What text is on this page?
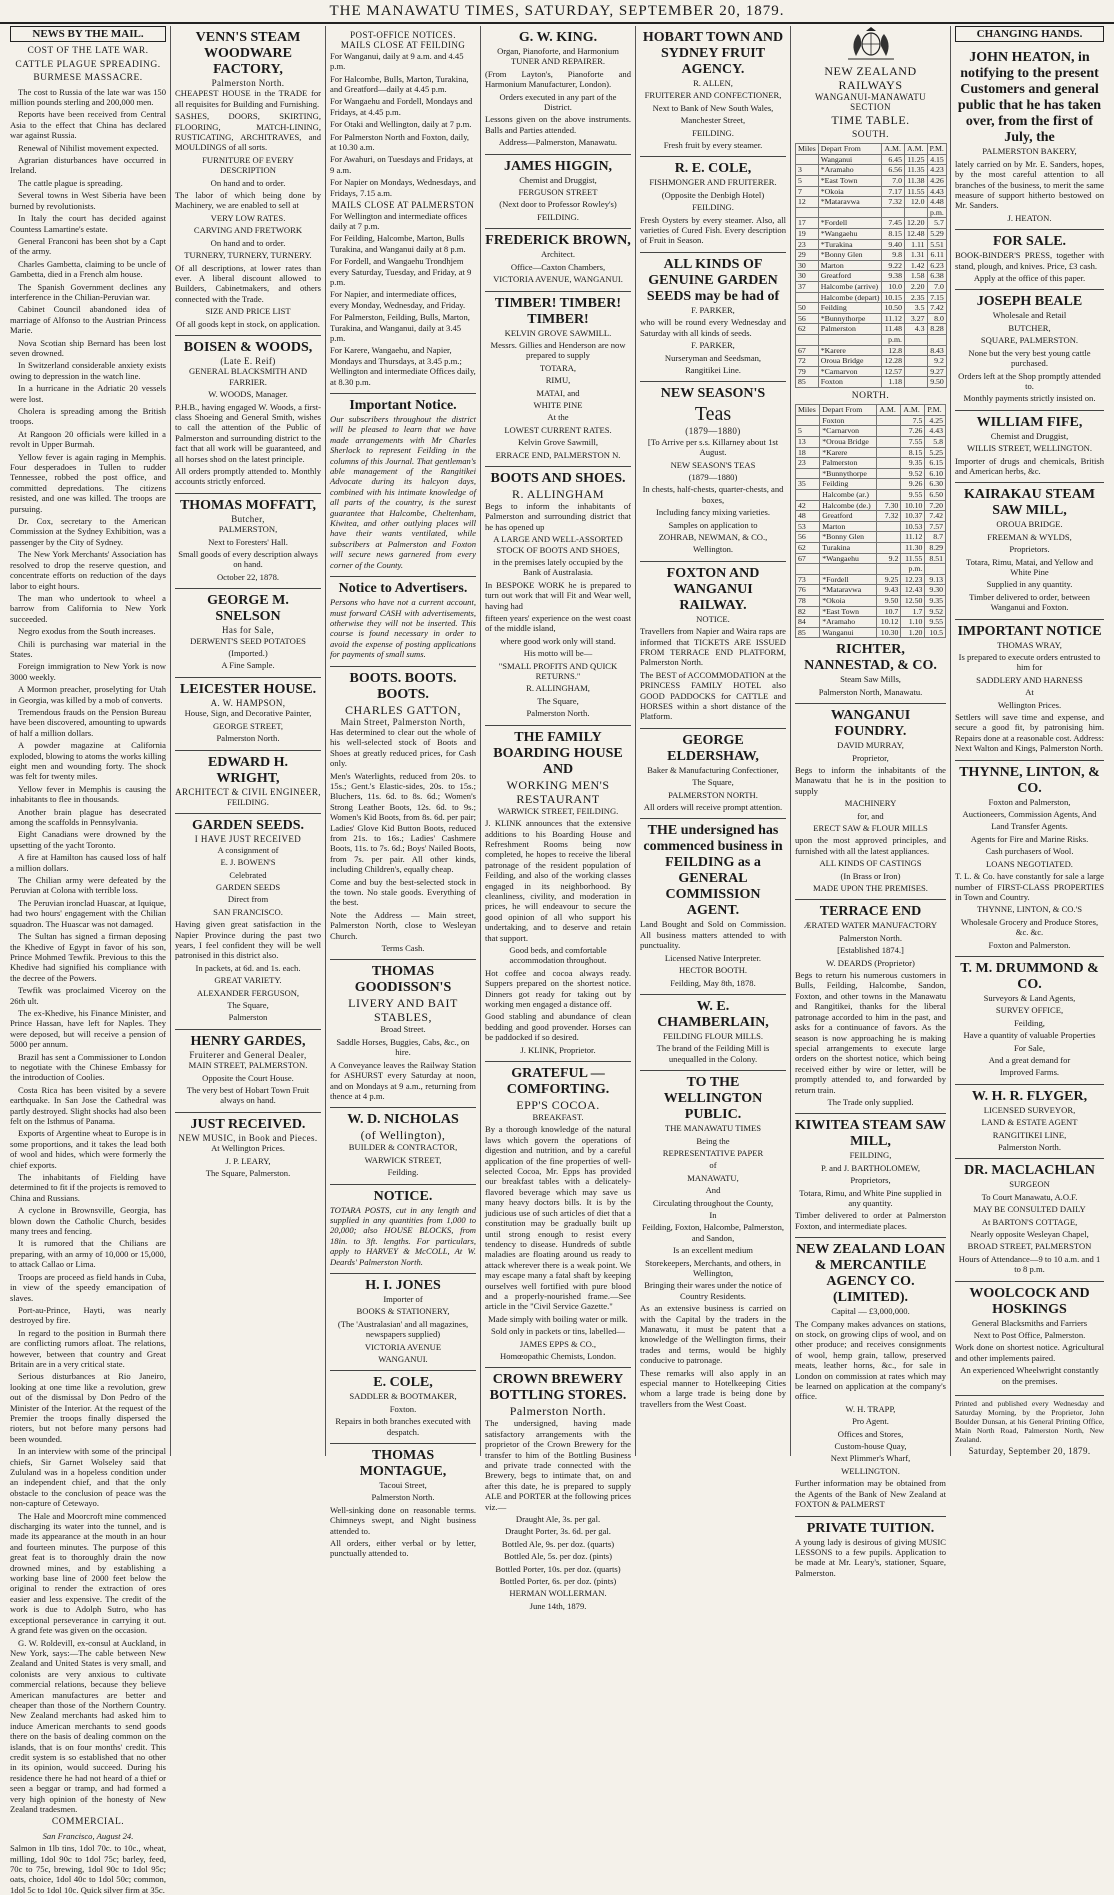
THE MANAWATU TIMES, SATURDAY, SEPTEMBER 20, 1879.
NEWS BY THE MAIL.
COST OF THE LATE WAR.
CATTLE PLAGUE SPREADING.
BURMESE MASSACRE.

The cost to Russia of the late war was 150 million pounds sterling and 200,000 men.

Reports have been received from Central Asia to the effect that China has declared war against Russia.

Renewal of Nihilist movement expected.

Agrarian disturbances have occurred in Ireland.

The cattle plague is spreading.

Several towns in West Siberia have been burned by revolutionists.

In Italy the court has decided against Countess Lamartine's estate.

General Franconi has been shot by a Capt of the army.

Charles Gambetta, claiming to be uncle of Gambetta, died in a French alm house.

The Spanish Government declines any interference in the Chilian-Peruvian war.

Cabinet Council abandoned idea of marriage of Alfonso to the Austrian Princess Marie.

Nova Scotian ship Bernard has been lost seven drowned.

In Switzerland considerable anxiety exists owing to depression in the watch line.

In a hurricane in the Adriatic 20 vessels were lost.

Cholera is spreading among the British troops.

At Rangoon 20 officials were killed in a revolt in Upper Burmah.

Yellow fever is again raging in Memphis. Four desperadoes in Tullen to rudder Tennessee, robbed the post office, and committed depredations. The citizens resisted, and one was killed. The troops are pursuing.

Dr. Cox, secretary to the American Commission at the Sydney Exhibition, was a passenger by the City of Sydney.

The New York Merchants' Association has resolved to drop the reserve question, and concentrate efforts on reduction of the days labor to eight hours.

The man who undertook to wheel a barrow from California to New York succeeded.

Negro exodus from the South increases.

Chili is purchasing war material in the States.

Foreign immigration to New York is now 3000 weekly.

A Mormon preacher, proselyting for Utah in Georgia, was killed by a mob of converts.

Tremendous frauds on the Pension Bureau have been discovered, amounting to upwards of half a million dollars.

A powder magazine at California exploded, blowing to atoms the works killing eight men and wounding forty. The shock was felt for twenty miles.

Yellow fever in Memphis is causing the inhabitants to flee in thousands.

Another brain plague has desecrated among the scaffolds in Pennsylvania.

Eight Canadians were drowned by the upsetting of the yacht Toronto.

A fire at Hamilton has caused loss of half a million dollars.

The Chilian army were defeated by the Peruvian at Colona with terrible loss.

The Peruvian ironclad Huascar, at Iquique, had two hours' engagement with the Chilian squadron. The Huascar was not damaged.

The Sultan has signed a firman deposing the Khedive of Egypt in favor of his son, Prince Mohmed Tewfik. Previous to this the Khedive had signified his compliance with the decree of the Powers.

Tewfik was proclaimed Viceroy on the 26th ult.

The ex-Khedive, his Finance Minister, and Prince Hassan, have left for Naples. They were deposed, but will receive a pension of 5000 per annum.

Brazil has sent a Commissioner to London to negotiate with the Chinese Embassy for the introduction of Coolies.

Costa Rica has been visited by a severe earthquake. In San Jose the Cathedral was partly destroyed. Slight shocks had also been felt on the Isthmus of Panama.

Exports of Argentine wheat to Europe is in some proportions, and it takes the lead both of wool and hides, which were formerly the chief exports.

The inhabitants of Fielding have determined to fit if the projects is removed to China and Russians.

A cyclone in Brownsville, Georgia, has blown down the Catholic Church, besides many trees and fencing.

It is rumored that the Chilians are preparing, with an army of 10,000 or 15,000, to attack Callao or Lima.

Troops are proceed as field hands in Cuba, in view of the speedy emancipation of slaves.

Port-au-Prince, Hayti, was nearly destroyed by fire.

In regard to the position in Burmah there are conflicting rumors afloat. The relations, however, between that country and Great Britain are in a very critical state.

Serious disturbances at Rio Janeiro, looking at one time like a revolution, grew out of the dismissal by Don Pedro of the Minister of the Interior. At the request of the Premier the troops finally dispersed the rioters, but not before many persons had been wounded.

In an interview with some of the principal chiefs, Sir Garnet Wolseley said that Zululand was in a hopeless condition under an independent chief, and that the only obstacle to the conclusion of peace was the non-capture of Cetewayo.

The Hale and Moorcroft mine commenced discharging its water into the tunnel, and is made its appearance at the mouth in an hour and fourteen minutes. The purpose of this great feat is to thoroughly drain the now drowned mines, and by establishing a working base line of 2000 feet below the original to render the extraction of ores easier and less expensive. The credit of the work is due to Adolph Sutro, who has exceptional perseverance in carrying it out. A grand fete was given on the occasion.

G. W. Roldevill, ex-consul at Auckland, in New York, says:—The cable between New Zealand and United States is very small, and colonists are very anxious to cultivate commercial relations, because they believe American manufactures are better and cheaper than those of the Northern Country. New Zealand merchants had asked him to induce American merchants to send goods there on the basis of dealing common on the islands, that is on four months' credit. This credit system is so established that no other in its opinion, would succeed. During his residence there he had not heard of a thief or seen a beggar or tramp, and had formed a very high opinion of the honesty of New Zealand tradesmen.

COMMERCIAL.

San Francisco, August 24.

Salmon in 1lb tins, 1dol 70c. to 10c., wheat, milling, 1dol 90c to 1dol 75c; barley, feed, 70c to 75c, brewing, 1dol 90c to 1dol 95c; oats, choice, 1dol 40c to 1dol 50c; common, 1dol 5c to 1dol 10c. Quick silver firm at 35c.

VENN'S STEAM WOODWARE FACTORY,
Palmerston North.

CHEAPEST HOUSE in the TRADE for all requisites for Building and Furnishing.

SASHES, DOORS, SKIRTING, FLOORING, MATCH-LINING, RUSTICATING, ARCHITRAVES, and MOULDINGS of all sorts.

FURNITURE OF EVERY DESCRIPTION

On hand and to order.

The labor of which being done by Machinery, we are enabled to sell at

VERY LOW RATES.

CARVING AND FRETWORK

On hand and to order.

TURNERY, TURNERY, TURNERY.

Of all descriptions, at lower rates than ever. A liberal discount allowed to Builders, Cabinetmakers, and others connected with the Trade.

SIZE AND PRICE LIST

Of all goods kept in stock, on application.

BOISEN & WOODS,
(Late E. Reif)

GENERAL BLACKSMITH AND FARRIER.

W. WOODS, Manager.

P.H.B., having engaged W. Woods, a first-class Shoeing and General Smith, wishes to call the attention of the Public of Palmerston and surrounding district to the fact that all work will be guaranteed, and all horses shod on the latest principle.

All orders promptly attended to. Monthly accounts strictly enforced.

THOMAS MOFFATT,
Butcher,

PALMERSTON,

Next to Foresters' Hall.

Small goods of every description always on hand.

October 22, 1878.

GEORGE M. SNELSON
Has for Sale,

DERWENT'S SEED POTATOES

(Imported.)

A Fine Sample.

LEICESTER HOUSE.
A. W. HAMPSON,

House, Sign, and Decorative Painter,

GEORGE STREET,

Palmerston North.

EDWARD H. WRIGHT,
ARCHITECT & CIVIL ENGINEER,

FEILDING.

GARDEN SEEDS.
I HAVE JUST RECEIVED

A consignment of

E. J. BOWEN'S

Celebrated

GARDEN SEEDS

Direct from

SAN FRANCISCO.

Having given great satisfaction in the Napier Province during the past two years, I feel confident they will be well patronised in this district also.

In packets, at 6d. and 1s. each.

GREAT VARIETY.

ALEXANDER FERGUSON,

The Square,

Palmerston

HENRY GARDES,
Fruiterer and General Dealer,

MAIN STREET, PALMERSTON.

Opposite the Court House.

The very best of Hobart Town Fruit always on hand.

JUST RECEIVED.
NEW MUSIC, in Book and Pieces.

At Wellington Prices.

J. P. LEARY,

The Square, Palmerston.

POST-OFFICE NOTICES.
MAILS CLOSE AT FEILDING

For Wanganui, daily at 9 a.m. and 4.45 p.m.

For Halcombe, Bulls, Marton, Turakina, and Greatford—daily at 4.45 p.m.

For Wangaehu and Fordell, Mondays and Fridays, at 4.45 p.m.

For Otaki and Wellington, daily at 7 p.m.

For Palmerston North and Foxton, daily, at 10.30 a.m.

For Awahuri, on Tuesdays and Fridays, at 9 a.m.

For Napier on Mondays, Wednesdays, and Fridays, 7.15 a.m.

MAILS CLOSE AT PALMERSTON

For Wellington and intermediate offices daily at 7 p.m.

For Feilding, Halcombe, Marton, Bulls Turakina, and Wanganui daily at 8 p.m.

For Fordell, and Wangaehu Trondhjem every Saturday, Tuesday, and Friday, at 9 p.m.

For Napier, and intermediate offices, every Monday, Wednesday, and Friday.

For Palmerston, Feilding, Bulls, Marton, Turakina, and Wanganui, daily at 3.45 p.m.

For Karere, Wangaehu, and Napier, Mondays and Thursdays, at 3.45 p.m.; Wellington and intermediate Offices daily, at 8.30 p.m.

Important Notice.

Our subscribers throughout the district will be pleased to learn that we have made arrangements with Mr Charles Sherlock to represent Feilding in the columns of this Journal. That gentleman's able management of the Rangitikei Advocate during its halcyon days, combined with his intimate knowledge of all parts of the country, is the surest guarantee that Halcombe, Cheltenham, Kiwitea, and other outlying places will have their wants ventilated, while subscribers at Palmerston and Foxton will secure news garnered from every corner of the County.

Notice to Advertisers.

Persons who have not a current account, must forward CASH with advertisements, otherwise they will not be inserted. This course is found necessary in order to avoid the expense of posting applications for payments of small sums.

BOOTS. BOOTS. BOOTS.
CHARLES GATTON,
Main Street, Palmerston North,

Has determined to clear out the whole of his well-selected stock of Boots and Shoes at greatly reduced prices, for Cash only.

Men's Waterlights, reduced from 20s. to 15s.; Gent.'s Elastic-sides, 20s. to 15s.; Bluchers, 11s. 6d. to 8s. 6d.; Women's Strong Leather Boots, 12s. 6d. to 9s.; Women's Kid Boots, from 8s. 6d. per pair; Ladies' Glove Kid Button Boots, reduced from 21s. to 16s.; Ladies' Cashmere Boots, 11s. to 7s. 6d.; Boys' Nailed Boots, from 7s. per pair. All other kinds, including Children's, equally cheap.

Come and buy the best-selected stock in the town. No stale goods. Everything of the best.

Note the Address — Main street, Palmerston North, close to Wesleyan Church.

Terms Cash.

THOMAS GOODISSON'S
LIVERY AND BAIT STABLES,

Broad Street.

Saddle Horses, Buggies, Cabs, &c., on hire.

A Conveyance leaves the Railway Station for ASHURST every Saturday at noon, and on Mondays at 9 a.m., returning from thence at 4 p.m.

W. D. NICHOLAS
(of Wellington),

BUILDER & CONTRACTOR,

WARWICK STREET,

Feilding.

NOTICE.

TOTARA POSTS, cut in any length and supplied in any quantities from 1,000 to 20,000; also HOUSE BLOCKS, from 18in. to 3ft. lengths. For particulars, apply to HARVEY & McCOLL, At W. Deards' Palmerston North.

H. I. JONES

Importer of

BOOKS & STATIONERY,

(The 'Australasian' and all magazines, newspapers supplied)

VICTORIA AVENUE

WANGANUI.

E. COLE,

SADDLER & BOOTMAKER,

Foxton.

Repairs in both branches executed with despatch.

THOMAS MONTAGUE,

Tacoui Street,

Palmerston North.

Well-sinking done on reasonable terms. Chimneys swept, and Night business attended to.

All orders, either verbal or by letter, punctually attended to.

G. W. KING.

Organ, Pianoforte, and Harmonium TUNER AND REPAIRER.

(From Layton's, Pianoforte and Harmonium Manufacturer, London).

Orders executed in any part of the District.

Lessons given on the above instruments. Balls and Parties attended.

Address—Palmerston, Manawatu.

JAMES HIGGIN,

Chemist and Druggist,

FERGUSON STREET

(Next door to Professor Rowley's)

FEILDING.

FREDERICK BROWN,

Architect.

Office—Caxton Chambers,

VICTORIA AVENUE, WANGANUI.

TIMBER! TIMBER! TIMBER!

KELVIN GROVE SAWMILL.

Messrs. Gillies and Henderson are now prepared to supply

TOTARA,

RIMU,

MATAI, and

WHITE PINE

At the

LOWEST CURRENT RATES.

Kelvin Grove Sawmill,

ERRACE END, PALMERSTON N.

BOOTS AND SHOES.
R. ALLINGHAM

Begs to inform the inhabitants of Palmerston and surrounding district that he has opened up

A LARGE AND WELL-ASSORTED STOCK OF BOOTS AND SHOES,

in the premises lately occupied by the Bank of Australasia.

In BESPOKE WORK he is prepared to turn out work that will Fit and Wear well, having had

fifteen years' experience on the west coast of the middle island,

where good work only will stand.

His motto will be—

"SMALL PROFITS AND QUICK RETURNS."

R. ALLINGHAM,

The Square,

Palmerston North.

THE FAMILY BOARDING HOUSE AND
WORKING MEN'S RESTAURANT

WARWICK STREET, FEILDING.

J. KLINK announces that the extensive additions to his Boarding House and Refreshment Rooms being now completed, he hopes to receive the liberal patronage of the resident population of Feilding, and also of the working classes engaged in its neighborhood. By cleanliness, civility, and moderation in prices, he will endeavour to secure the good opinion of all who support his undertaking, and to deserve and retain that support.

Good beds, and comfortable accommodation throughout.

Hot coffee and cocoa always ready. Suppers prepared on the shortest notice. Dinners got ready for taking out by working men engaged a distance off.

Good stabling and abundance of clean bedding and good provender. Horses can be paddocked if so desired.

J. KLINK, Proprietor.

GRATEFUL — COMFORTING.
EPP'S COCOA.

BREAKFAST.

By a thorough knowledge of the natural laws which govern the operations of digestion and nutrition, and by a careful application of the fine properties of well-selected Cocoa, Mr. Epps has provided our breakfast tables with a delicately-flavored beverage which may save us many heavy doctors bills. It is by the judicious use of such articles of diet that a constitution may be gradually built up until strong enough to resist every tendency to disease. Hundreds of subtle maladies are floating around us ready to attack wherever there is a weak point. We may escape many a fatal shaft by keeping ourselves well fortified with pure blood and a properly-nourished frame.—See article in the "Civil Service Gazette."

Made simply with boiling water or milk.

Sold only in packets or tins, labelled—

JAMES EPPS & CO.,

Homœopathic Chemists, London.

CROWN BREWERY BOTTLING STORES.
Palmerston North.

The undersigned, having made satisfactory arrangements with the proprietor of the Crown Brewery for the transfer to him of the Bottling Business and private trade connected with the Brewery, begs to intimate that, on and after this date, he is prepared to supply ALE and PORTER at the following prices viz.—

Draught Ale, 3s. per gal.

Draught Porter, 3s. 6d. per gal.

Bottled Ale, 9s. per doz. (quarts)

Bottled Ale, 5s. per doz. (pints)

Bottled Porter, 10s. per doz. (quarts)

Bottled Porter, 6s. per doz. (pints)

HERMAN WOLLERMAN.

June 14th, 1879.

HOBART TOWN AND SYDNEY FRUIT AGENCY.

R. ALLEN,

FRUITERER AND CONFECTIONER,

Next to Bank of New South Wales,

Manchester Street,

FEILDING.

Fresh fruit by every steamer.

R. E. COLE,

FISHMONGER AND FRUITERER.

(Opposite the Denbigh Hotel)

FEILDING.

Fresh Oysters by every steamer. Also, all varieties of Cured Fish. Every description of Fruit in Season.

ALL KINDS OF GENUINE GARDEN SEEDS may be had of

F. PARKER,

who will be round every Wednesday and Saturday with all kinds of seeds.

F. PARKER,

Nurseryman and Seedsman,

Rangitikei Line.

NEW SEASON'S
Teas
(1879—1880)

[To Arrive per s.s. Killarney about 1st August.

NEW SEASON'S TEAS

(1879—1880)

In chests, half-chests, quarter-chests, and boxes,

Including fancy mixing varieties.

Samples on application to

ZOHRAB, NEWMAN, & CO.,

Wellington.

FOXTON AND WANGANUI RAILWAY.

NOTICE.

Travellers from Napier and Waira raps are informed that TICKETS ARE ISSUED FROM TERRACE END PLATFORM, Palmerston North.

The BEST of ACCOMMODATION at the PRINCESS FAMILY HOTEL also GOOD PADDOCKS for CATTLE and HORSES within a short distance of the Platform.

GEORGE ELDERSHAW,

Baker & Manufacturing Confectioner,

The Square,

PALMERSTON NORTH.

All orders will receive prompt attention.

THE undersigned has commenced business in FEILDING as a GENERAL COMMISSION AGENT.

Land Bought and Sold on Commission. All business matters attended to with punctuality.

Licensed Native Interpreter.

HECTOR BOOTH.

Feilding, May 8th, 1878.

W. E. CHAMBERLAIN,

FEILDING FLOUR MILLS.

The brand of the Feilding Mill is unequalled in the Colony.

TO THE WELLINGTON PUBLIC.

THE MANAWATU TIMES

Being the

REPRESENTATIVE PAPER

of

MANAWATU,

And

Circulating throughout the County,

In

Feilding, Foxton, Halcombe, Palmerston, and Sandon,

Is an excellent medium

Storekeepers, Merchants, and others, in Wellington,

Bringing their wares under the notice of Country Residents.

As an extensive business is carried on with the Capital by the traders in the Manawatu, it must be patent that a knowledge of the Wellington firms, their trades and terms, would be highly conducive to patronage.

These remarks will also apply in an especial manner to Hotelkeeping Cities whom a large trade is being done by travellers from the West Coast.

NEW ZEALAND RAILWAYS
WANGANUI-MANAWATU SECTION
TIME TABLE.
SOUTH.
Miles	Depart From	A.M.	A.M.	P.M.
	Wanganui	6.45	11.25	4.15
3	*Aramaho	6.56	11.35	4.23
5	*East Town	7.0	11.38	4.26
7	*Okoia	7.17	11.55	4.43
12	*Mataravwa	7.32	12.0	4.48
				p.m.
17	*Fordell	7.45	12.20	5.7
19	*Wangaehu	8.15	12.48	5.29
23	*Turakina	9.40	1.11	5.51
29	*Bonny Glen	9.8	1.31	6.11
30	Marton	9.22	1.42	6.23
30	Greatford	9.38	1.58	6.38
37	Halcombe (arrive)	10.0	2.20	7.0
	Halcombe (depart)	10.15	2.35	7.15
50	Feilding	10.50	3.5	7.42
56	*Bunnythorpe	11.12	3.27	8.0
62	Palmerston	11.48	4.3	8.28
		p.m.		
67	*Karere	12.8		8.43
72	Oroua Bridge	12.28		9.2
79	*Carnarvon	12.57		9.27
85	Foxton	1.18		9.50
NORTH.
Miles	Depart From	A.M.	A.M.	P.M.
	Foxton		7.5	4.25
5	*Carnarvon		7.26	4.43
13	*Oroua Bridge		7.55	5.8
18	*Karere		8.15	5.25
23	Palmerston		9.35	6.15
	*Bunnythorpe		9.52	6.10
35	Feilding		9.26	6.30
	Halcombe (ar.)		9.55	6.50
42	Halcombe (de.)	7.30	10.10	7.20
48	Greatford	7.32	10.37	7.42
53	Marton		10.53	7.57
56	*Bonny Glen		11.12	8.7
62	Turakina		11.30	8.29
67	*Wangaehu	9.2	11.55	8.51
			p.m.	
73	*Fordell	9.25	12.23	9.13
76	*Mataravwa	9.43	12.43	9.30
78	*Okoia	9.50	12.50	9.35
82	*East Town	10.7	1.7	9.52
84	*Aramaho	10.12	1.10	9.55
85	Wanganui	10.30	1.20	10.5
RICHTER, NANNESTAD, & CO.

Steam Saw Mills,

Palmerston North, Manawatu.

WANGANUI FOUNDRY.

DAVID MURRAY,

Proprietor,

Begs to inform the inhabitants of the Manawatu that he is in the position to supply

MACHINERY

for, and

ERECT SAW & FLOUR MILLS

upon the most approved principles, and furnished with all the latest appliances.

ALL KINDS OF CASTINGS

(In Brass or Iron)

MADE UPON THE PREMISES.

TERRACE END

ÆRATED WATER MANUFACTORY

Palmerston North.

[Established 1874.]

W. DEARDS (Proprietor)

Begs to return his numerous customers in Bulls, Feilding, Halcombe, Sandon, Foxton, and other towns in the Manawatu and Rangitikei, thanks for the liberal patronage accorded to him in the past, and asks for a continuance of favors. As the season is now approaching he is making special arrangements to execute large orders on the shortest notice, which being received either by wire or letter, will be promptly attended to, and forwarded by return train.

The Trade only supplied.

KIWITEA STEAM SAW MILL,

FEILDING,

P. and J. BARTHOLOMEW,

Proprietors,

Totara, Rimu, and White Pine supplied in any quantity.

Timber delivered to order at Palmerston Foxton, and intermediate places.

NEW ZEALAND LOAN & MERCANTILE AGENCY CO. (LIMITED).

Capital — £3,000,000.

The Company makes advances on stations, on stock, on growing clips of wool, and on other produce; and receives consignments of wool, hemp grain, tallow, preserved meats, leather horns, &c., for sale in London on commission at rates which may be learned on application at the company's office.

W. H. TRAPP,

Pro Agent.

Offices and Stores,

Custom-house Quay,

Next Plimmer's Wharf,

WELLINGTON.

Further information may be obtained from the Agents of the Bank of New Zealand at FOXTON & PALMERST

PRIVATE TUITION.

A young lady is desirous of giving MUSIC LESSONS to a few pupils. Application to be made at Mr. Leary's, stationer, Square, Palmerston.

CHANGING HANDS.
JOHN HEATON, in notifying to the present Customers and general public that he has taken over, from the first of July, the

PALMERSTON BAKERY,

lately carried on by Mr. E. Sanders, hopes, by the most careful attention to all branches of the business, to merit the same measure of support hitherto bestowed on Mr. Sanders.

J. HEATON.

FOR SALE.

BOOK-BINDER'S PRESS, together with stand, plough, and knives. Price, £3 cash.

Apply at the office of this paper.

JOSEPH BEALE

Wholesale and Retail

BUTCHER,

SQUARE, PALMERSTON.

None but the very best young cattle purchased.

Orders left at the Shop promptly attended to.

Monthly payments strictly insisted on.

WILLIAM FIFE,

Chemist and Druggist,

WILLIS STREET, WELLINGTON.

Importer of drugs and chemicals, British and American herbs, &c.

KAIRAKAU STEAM SAW MILL,

OROUA BRIDGE.

FREEMAN & WYLDS,

Proprietors.

Totara, Rimu, Matai, and Yellow and White Pine

Supplied in any quantity.

Timber delivered to order, between Wanganui and Foxton.

IMPORTANT NOTICE

THOMAS WRAY,

Is prepared to execute orders entrusted to him for

SADDLERY AND HARNESS

At

Wellington Prices.

Settlers will save time and expense, and secure a good fit, by patronising him. Repairs done at a reasonable cost. Address: Next Walton and Kings, Palmerston North.

THYNNE, LINTON, & CO.

Foxton and Palmerston,

Auctioneers, Commission Agents, And

Land Transfer Agents.

Agents for Fire and Marine Risks.

Cash purchasers of Wool.

LOANS NEGOTIATED.

T. L. & Co. have constantly for sale a large number of FIRST-CLASS PROPERTIES in Town and Country.

THYNNE, LINTON, & CO.'S

Wholesale Grocery and Produce Stores, &c. &c.

Foxton and Palmerston.

T. M. DRUMMOND & CO.

Surveyors & Land Agents,

SURVEY OFFICE,

Feilding,

Have a quantity of valuable Properties

For Sale,

And a great demand for

Improved Farms.

W. H. R. FLYGER,

LICENSED SURVEYOR,

LAND & ESTATE AGENT

RANGITIKEI LINE,

Palmerston North.

DR. MACLACHLAN

SURGEON

To Court Manawatu, A.O.F.

MAY BE CONSULTED DAILY

At BARTON'S COTTAGE,

Nearly opposite Wesleyan Chapel,

BROAD STREET, PALMERSTON

Hours of Attendance—9 to 10 a.m. and 1 to 8 p.m.

WOOLCOCK AND HOSKINGS

General Blacksmiths and Farriers

Next to Post Office, Palmerston.

Work done on shortest notice. Agricultural and other implements paired.

An experienced Wheelwright constantly on the premises.

Printed and published every Wednesday and Saturday Morning, by the Proprietor, John Boulder Dunsan, at his General Printing Office, Main North Road, Palmerston North, New Zealand.

Saturday, September 20, 1879.
